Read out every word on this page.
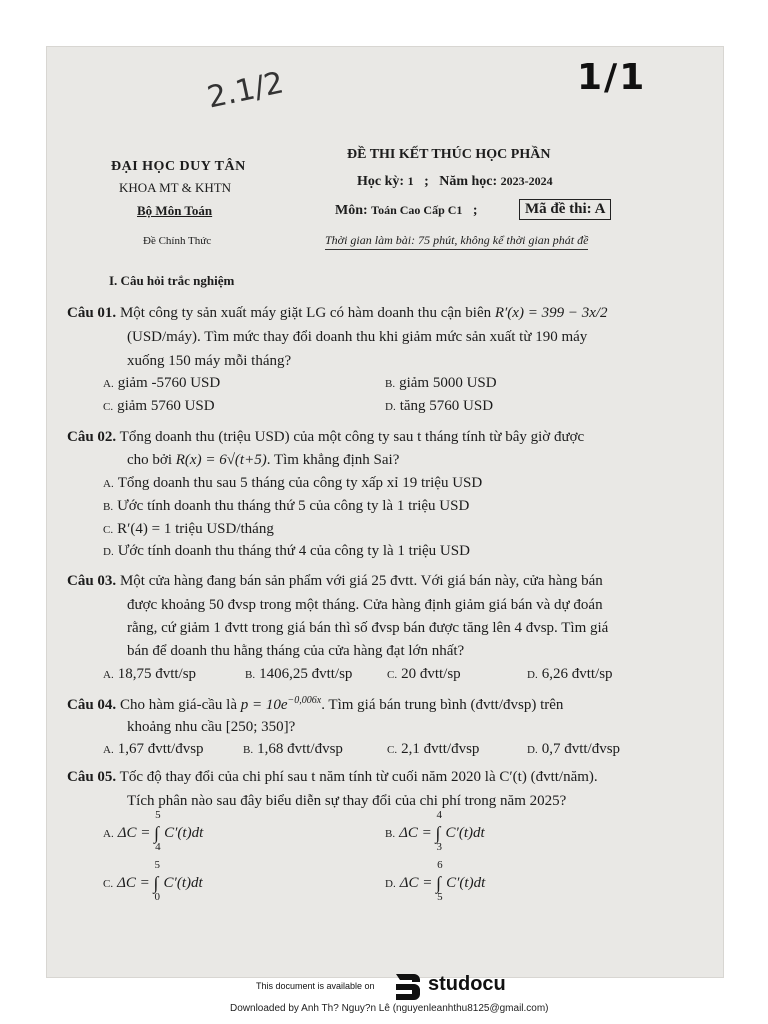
1/1
2.1/2
ĐẠI HỌC DUY TÂN
KHOA MT & KHTN
Bộ Môn Toán
Đề Chính Thức
ĐỀ THI KẾT THÚC HỌC PHẦN
Học kỳ: 1   ;   Năm học: 2023-2024
Môn: Toán Cao Cấp C1   ;	Mã đề thi: A
Thời gian làm bài: 75 phút, không kể thời gian phát đề
I. Câu hỏi trắc nghiệm
Câu 01. Một công ty sản xuất máy giặt LG có hàm doanh thu cận biên R′(x) = 399 − 3x/2
(USD/máy). Tìm mức thay đổi doanh thu khi giảm mức sản xuất từ 190 máy
xuống 150 máy mỗi tháng?
A. giảm -5760 USD	B. giảm 5000 USD
C. giảm 5760 USD	D. tăng 5760 USD
Câu 02. Tổng doanh thu (triệu USD) của một công ty sau t tháng tính từ bây giờ được
cho bởi R(x) = 6√(t+5). Tìm khẳng định Sai?
A. Tổng doanh thu sau 5 tháng của công ty xấp xỉ 19 triệu USD
B. Ước tính doanh thu tháng thứ 5 của công ty là 1 triệu USD
C. R′(4) = 1 triệu USD/tháng
D. Ước tính doanh thu tháng thứ 4 của công ty là 1 triệu USD
Câu 03. Một cửa hàng đang bán sản phẩm với giá 25 đvtt. Với giá bán này, cửa hàng bán
được khoảng 50 đvsp trong một tháng. Cửa hàng định giảm giá bán và dự đoán
rằng, cứ giảm 1 đvtt trong giá bán thì số đvsp bán được tăng lên 4 đvsp. Tìm giá
bán để doanh thu hằng tháng của cửa hàng đạt lớn nhất?
A. 18,75 đvtt/sp	B. 1406,25 đvtt/sp	C. 20 đvtt/sp	D. 6,26 đvtt/sp
Câu 04. Cho hàm giá-cầu là $p = 10e^{-0,006x}$. Tìm giá bán trung bình (đvtt/đvsp) trên
khoảng nhu cầu [250; 350]?
A. 1,67 đvtt/đvsp	B. 1,68 đvtt/đvsp	C. 2,1 đvtt/đvsp	D. 0,7 đvtt/đvsp
Câu 05. Tốc độ thay đổi của chi phí sau t năm tính từ cuối năm 2020 là C′(t) (đvtt/năm).
Tích phân nào sau đây biểu diễn sự thay đổi của chi phí trong năm 2025?
A. ΔC = ∫
5
4
C′(t)dt	B. ΔC = ∫
4
3
C′(t)dt
C. ΔC = ∫
5
0
C′(t)dt	D. ΔC = ∫
6
5
C′(t)dt
This document is available on	studocu
Downloaded by Anh Th? Nguy?n Lê (nguyenleanhthu8125@gmail.com)
